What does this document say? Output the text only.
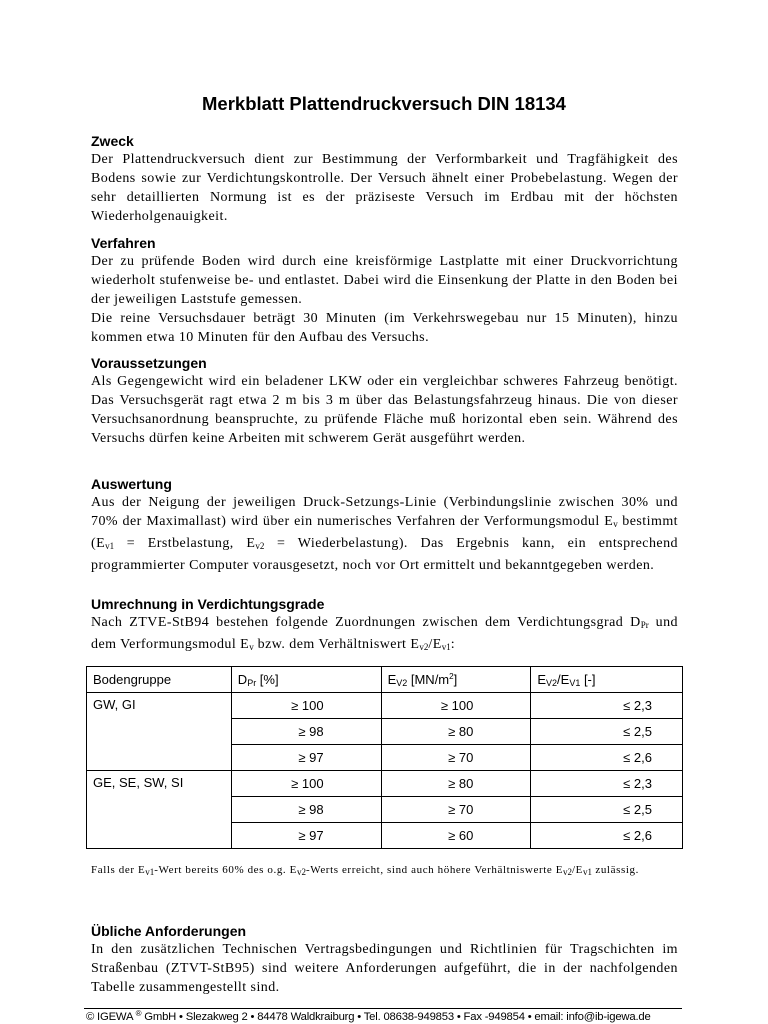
Merkblatt Plattendruckversuch DIN 18134
Zweck

Der Plattendruckversuch dient zur Bestimmung der Verformbarkeit und Tragfähigkeit des Bodens sowie zur Verdichtungskontrolle. Der Versuch ähnelt einer Probebelastung. Wegen der sehr detaillierten Normung ist es der präziseste Versuch im Erdbau mit der höchsten Wiederholgenauigkeit.

Verfahren

Der zu prüfende Boden wird durch eine kreisförmige Lastplatte mit einer Druckvorrichtung wiederholt stufenweise be- und entlastet. Dabei wird die Einsenkung der Platte in den Boden bei der jeweiligen Laststufe gemessen.

Die reine Versuchsdauer beträgt 30 Minuten (im Verkehrswegebau nur 15 Minuten), hinzu kommen etwa 10 Minuten für den Aufbau des Versuchs.

Voraussetzungen

Als Gegengewicht wird ein beladener LKW oder ein vergleichbar schweres Fahrzeug benötigt. Das Versuchsgerät ragt etwa 2 m bis 3 m über das Belastungsfahrzeug hinaus. Die von dieser Versuchsanordnung beanspruchte, zu prüfende Fläche muß horizontal eben sein. Während des Versuchs dürfen keine Arbeiten mit schwerem Gerät ausgeführt werden.

Auswertung

Aus der Neigung der jeweiligen Druck-Setzungs-Linie (Verbindungslinie zwischen 30% und 70% der Maximallast) wird über ein numerisches Verfahren der Verformungsmodul $E_v$ bestimmt ($E_{v1}$ = Erstbelastung, $E_{v2}$ = Wiederbelastung). Das Ergebnis kann, ein entsprechend programmierter Computer vorausgesetzt, noch vor Ort ermittelt und bekanntgegeben werden.

Umrechnung in Verdichtungsgrade

Nach ZTVE-StB94 bestehen folgende Zuordnungen zwischen dem Verdichtungsgrad $D_{Pr}$ und dem Verformungsmodul $E_v$ bzw. dem Verhältniswert $E_{v2}/E_{v1}$:

Bodengruppe	$D_{Pr}$ [%]	$E_{V2}$ $[MN/m^2]$	$E_{V2}/E_{V1}$ [-]
GW, GI	≥ 100	≥ 100	≤ 2,3
	≥ 98	≥ 80	≤ 2,5
	≥ 97	≥ 70	≤ 2,6
GE, SE, SW, SI	≥ 100	≥ 80	≤ 2,3
	≥ 98	≥ 70	≤ 2,5
	≥ 97	≥ 60	≤ 2,6

Falls der $E_{v1}$-Wert bereits 60% des o.g. $E_{v2}$-Werts erreicht, sind auch höhere Verhältniswerte $E_{v2}/E_{v1}$ zulässig.

Übliche Anforderungen

In den zusätzlichen Technischen Vertragsbedingungen und Richtlinien für Tragschichten im Straßenbau (ZTVT-StB95) sind weitere Anforderungen aufgeführt, die in der nachfolgenden Tabelle zusammengestellt sind.

© IGEWA ® GmbH • Slezakweg 2 • 84478 Waldkraiburg • Tel. 08638-949853 • Fax -949854 • email: info@ib-igewa.de
